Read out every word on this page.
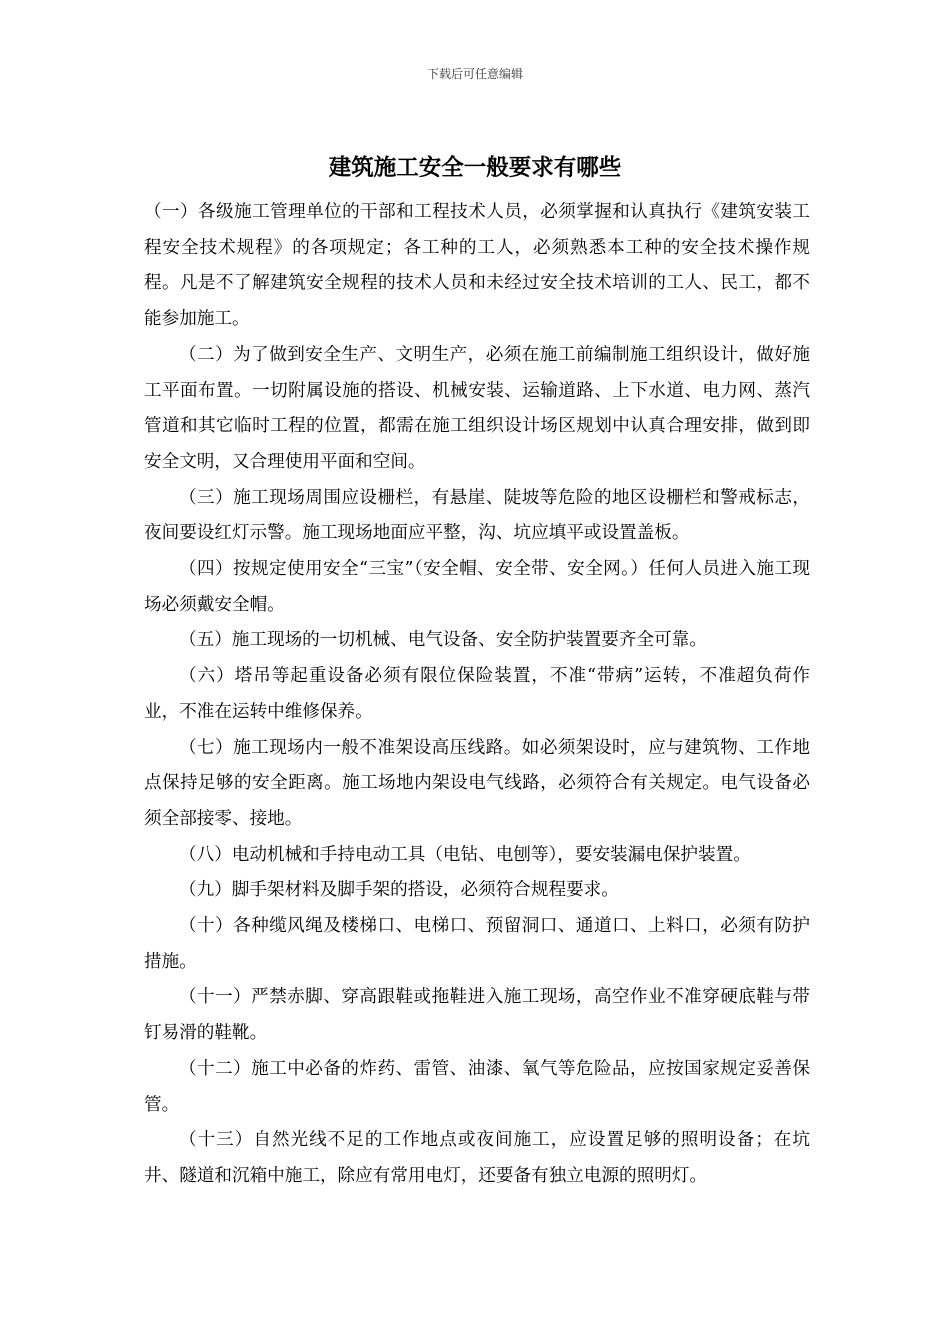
下载后可任意编辑
建筑施工安全一般要求有哪些

（一）各级施工管理单位的干部和工程技术人员，必须掌握和认真执行《建筑安装工程安全技术规程》的各项规定；各工种的工人，必须熟悉本工种的安全技术操作规程。凡是不了解建筑安全规程的技术人员和未经过安全技术培训的工人、民工，都不能参加施工。

（二）为了做到安全生产、文明生产，必须在施工前编制施工组织设计，做好施工平面布置。一切附属设施的搭设、机械安装、运输道路、上下水道、电力网、蒸汽管道和其它临时工程的位置，都需在施工组织设计场区规划中认真合理安排，做到即安全文明，又合理使用平面和空间。

（三）施工现场周围应设栅栏，有悬崖、陡坡等危险的地区设栅栏和警戒标志，夜间要设红灯示警。施工现场地面应平整，沟、坑应填平或设置盖板。

（四）按规定使用安全“三宝”（安全帽、安全带、安全网。）任何人员进入施工现场必须戴安全帽。

（五）施工现场的一切机械、电气设备、安全防护装置要齐全可靠。

（六）塔吊等起重设备必须有限位保险装置，不准“带病”运转，不准超负荷作业，不准在运转中维修保养。

（七）施工现场内一般不准架设高压线路。如必须架设时，应与建筑物、工作地点保持足够的安全距离。施工场地内架设电气线路，必须符合有关规定。电气设备必须全部接零、接地。

（八）电动机械和手持电动工具（电钻、电刨等），要安装漏电保护装置。

（九）脚手架材料及脚手架的搭设，必须符合规程要求。

（十）各种缆风绳及楼梯口、电梯口、预留洞口、通道口、上料口，必须有防护措施。

（十一）严禁赤脚、穿高跟鞋或拖鞋进入施工现场，高空作业不准穿硬底鞋与带钉易滑的鞋靴。

（十二）施工中必备的炸药、雷管、油漆、氧气等危险品，应按国家规定妥善保管。

（十三）自然光线不足的工作地点或夜间施工，应设置足够的照明设备；在坑井、隧道和沉箱中施工，除应有常用电灯，还要备有独立电源的照明灯。
